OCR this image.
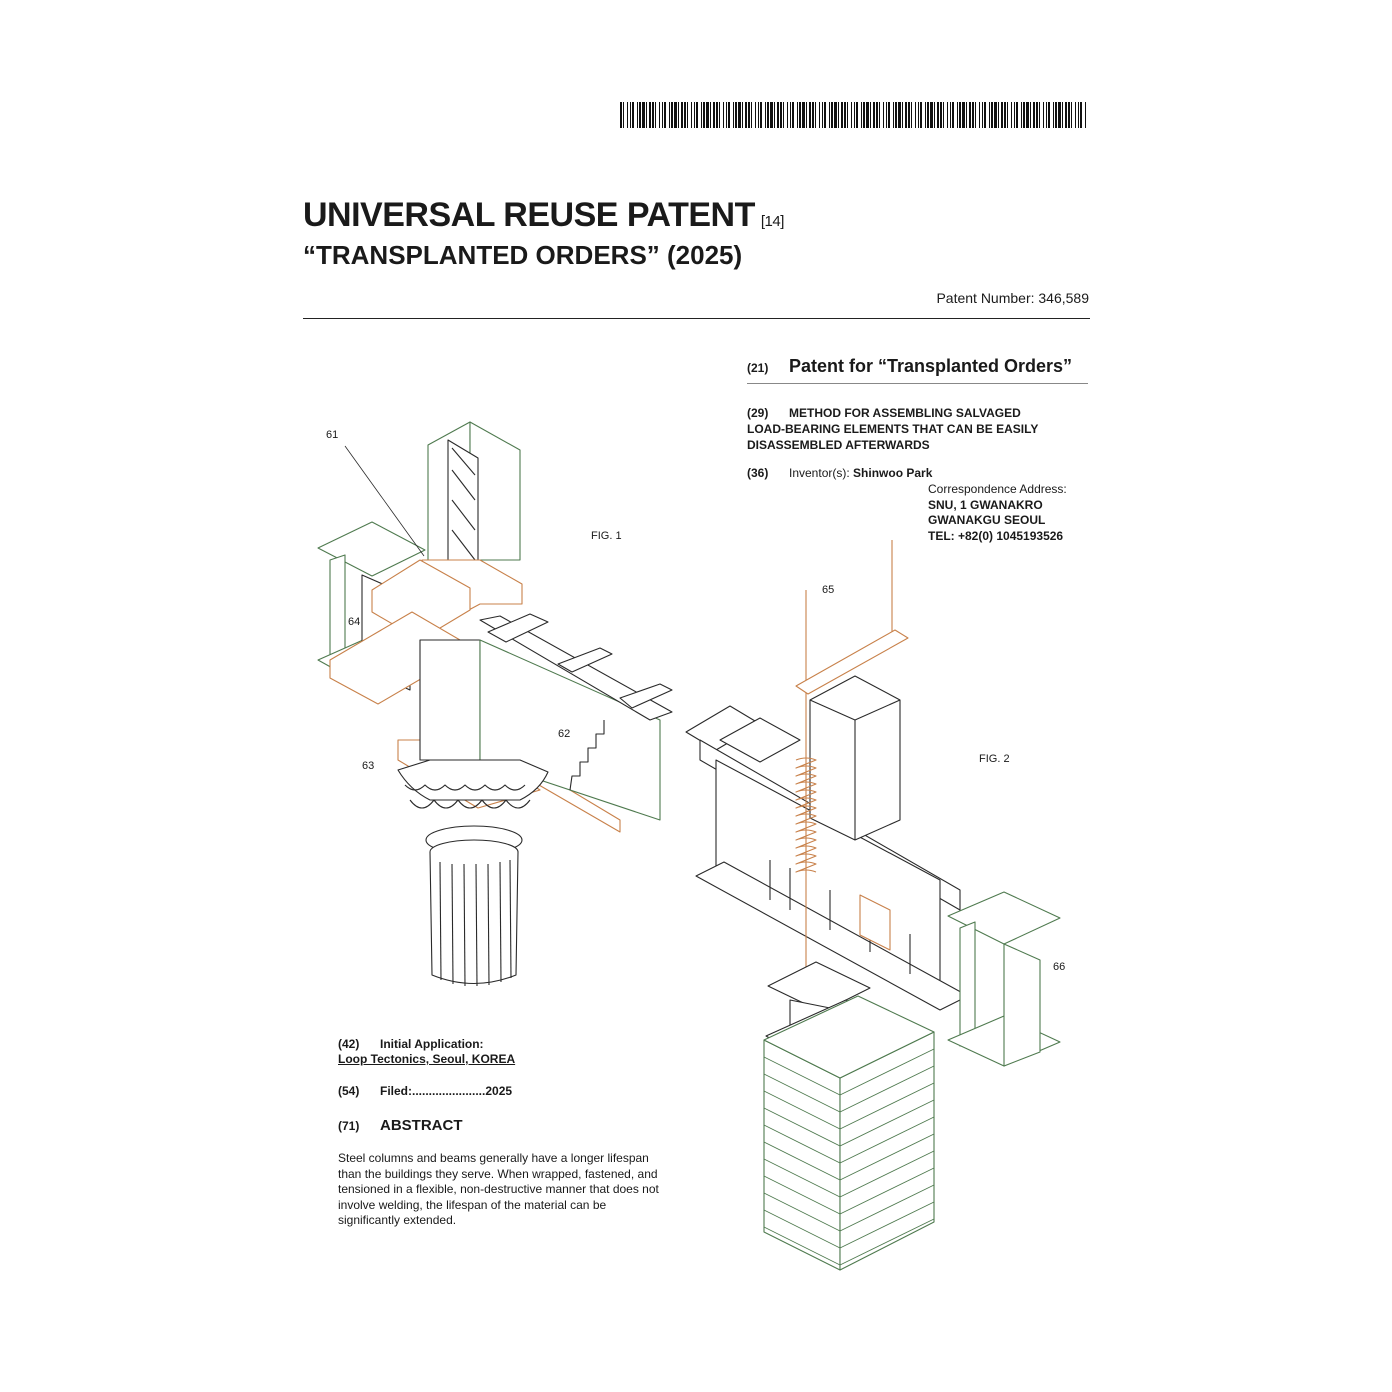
UNIVERSAL REUSE PATENT [14]
“TRANSPLANTED ORDERS” (2025)
Patent Number: 346,589
(21) Patent for “Transplanted Orders”
(29) METHOD FOR ASSEMBLING SALVAGED
LOAD-BEARING ELEMENTS THAT CAN BE EASILY
DISASSEMBLED AFTERWARDS
(36) Inventor(s): Shinwoo Park
Correspondence Address:
SNU, 1 GWANAKRO
GWANAKGU SEOUL
TEL: +82(0) 1045193526
FIG. 1
FIG. 2
61
62
63
64
65
66
(42) Initial Application:
Loop Tectonics, Seoul, KOREA
(54) Filed:......................2025
(71) ABSTRACT
Steel columns and beams generally have a longer lifespan than the buildings they serve. When wrapped, fastened, and tensioned in a flexible, non-destructive manner that does not involve welding, the lifespan of the material can be significantly extended.
